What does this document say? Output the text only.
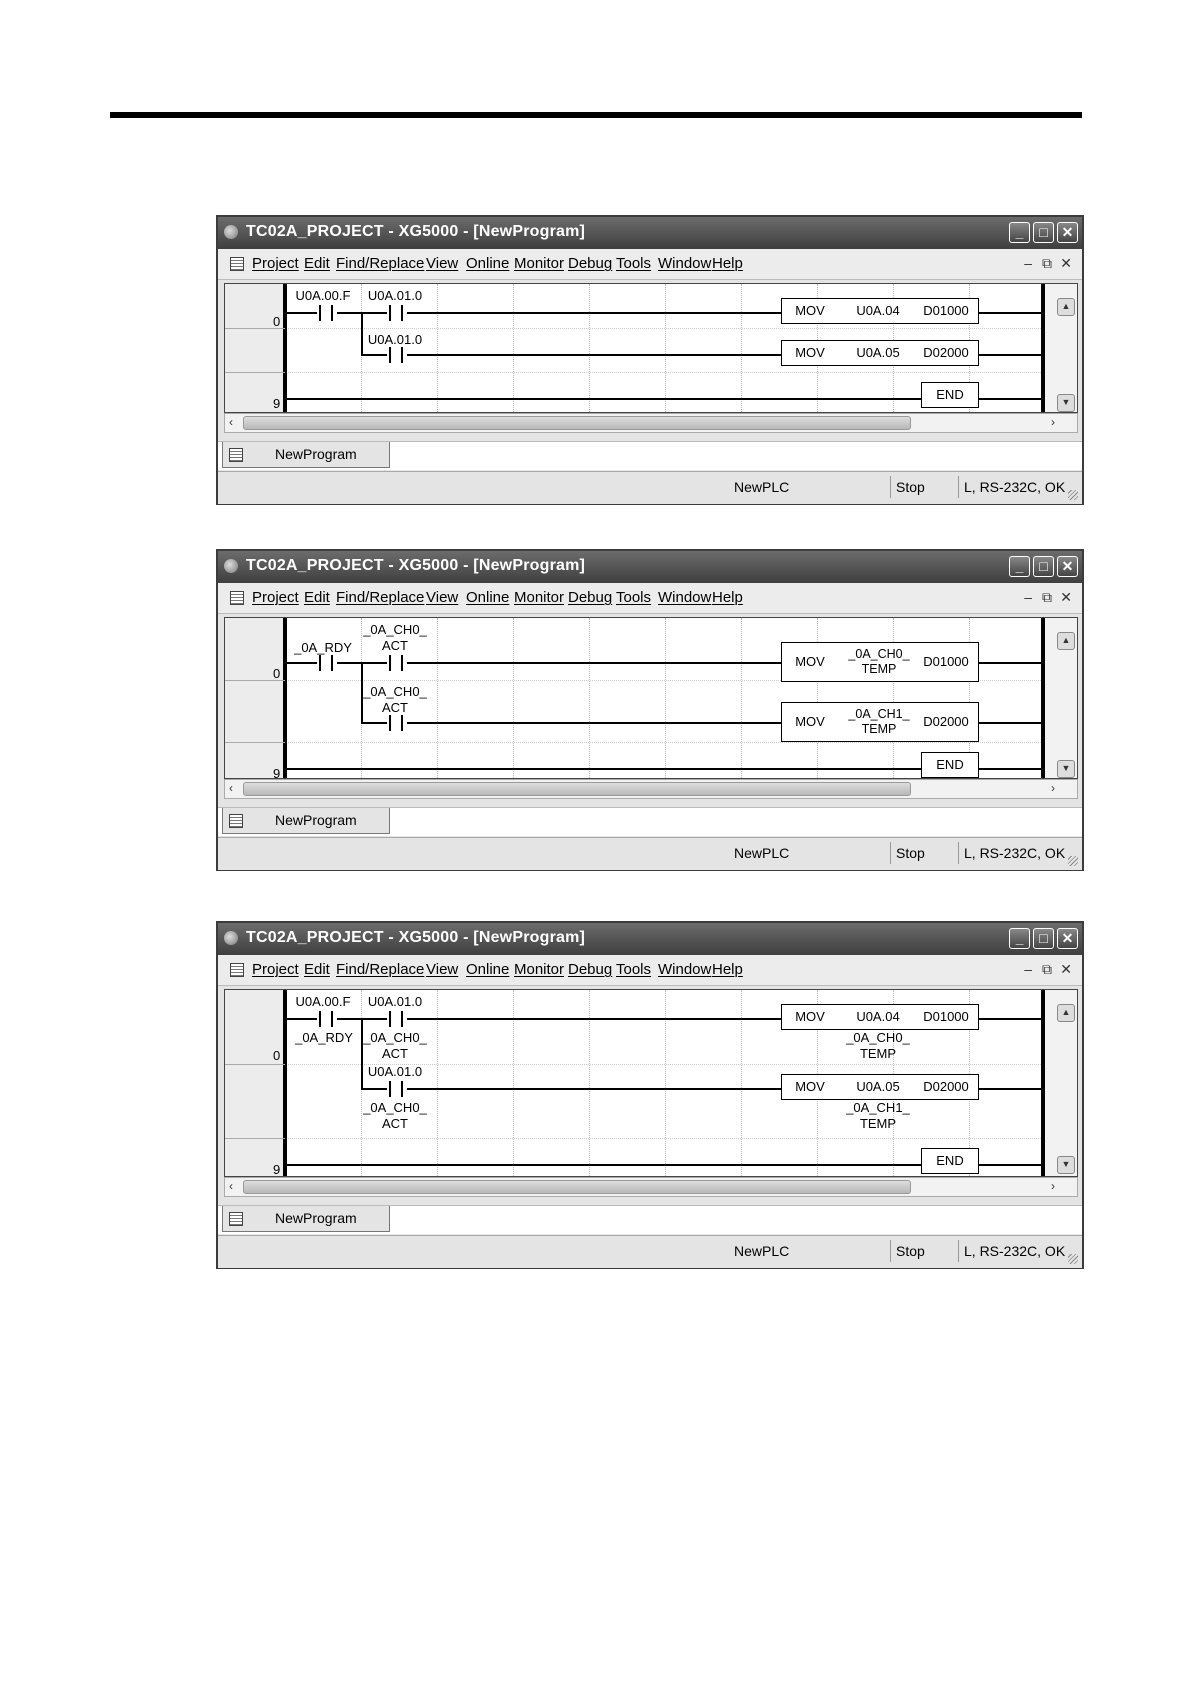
TC02A_PROJECT - XG5000 - [NewProgram]	_	□ ✕
Project Edit Find/Replace View Online Monitor Debug Tools Window Help	– ⧉ ✕
0
9
U0A.00.F U0A.01.0
U0A.01.0
MOV	U0A.04	D01000
MOV	U0A.05	D02000
END
▲
▼
‹	›
NewProgram
NewPLC	Stop	L, RS-232C, OK
TC02A_PROJECT - XG5000 - [NewProgram]	_	□ ✕
Project Edit Find/Replace View Online Monitor Debug Tools Window Help	– ⧉ ✕
0
9
_0A_RDY
_0A_CH0_
ACT
_0A_CH0_
ACT
MOV	_0A_CH0_
TEMP	D01000
MOV	_0A_CH1_
TEMP	D02000
END
▲
▼
‹	›
NewProgram
NewPLC	Stop	L, RS-232C, OK
TC02A_PROJECT - XG5000 - [NewProgram]	_	□ ✕
Project Edit Find/Replace View Online Monitor Debug Tools Window Help	– ⧉ ✕
0
9
U0A.00.F U0A.01.0
_0A_RDY _0A_CH0_
ACT
U0A.01.0
_0A_CH0_
ACT
MOV	U0A.04	D01000
_0A_CH0_
TEMP
MOV	U0A.05	D02000
_0A_CH1_
TEMP
END
▲
▼
‹	›
NewProgram
NewPLC	Stop	L, RS-232C, OK
